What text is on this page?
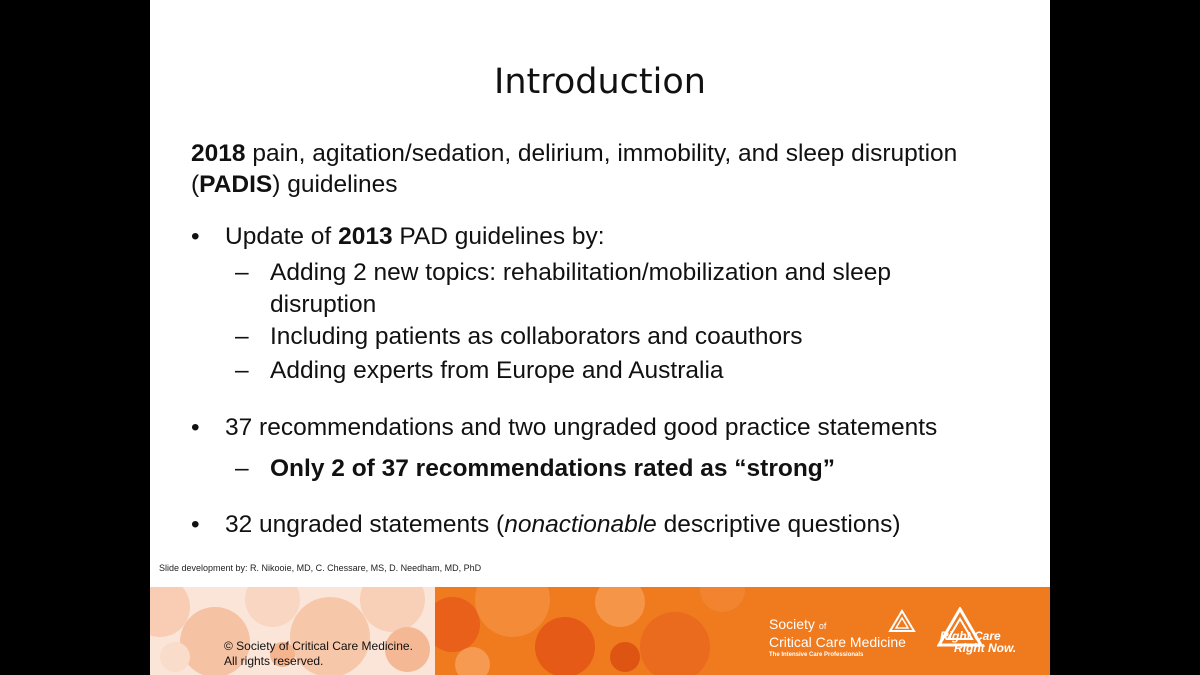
Introduction
2018 pain, agitation/sedation, delirium, immobility, and sleep disruption (PADIS) guidelines
• Update of 2013 PAD guidelines by:
– Adding 2 new topics: rehabilitation/mobilization and sleep disruption
– Including patients as collaborators and coauthors
– Adding experts from Europe and Australia
• 37 recommendations and two ungraded good practice statements
– Only 2 of 37 recommendations rated as “strong”
• 32 ungraded statements (nonactionable descriptive questions)
Slide development by: R. Nikooie, MD, C. Chessare, MS, D. Needham, MD, PhD
© Society of Critical Care Medicine.
All rights reserved.
Society of
Critical Care Medicine
The Intensive Care Professionals
Right Care
Right Now.
